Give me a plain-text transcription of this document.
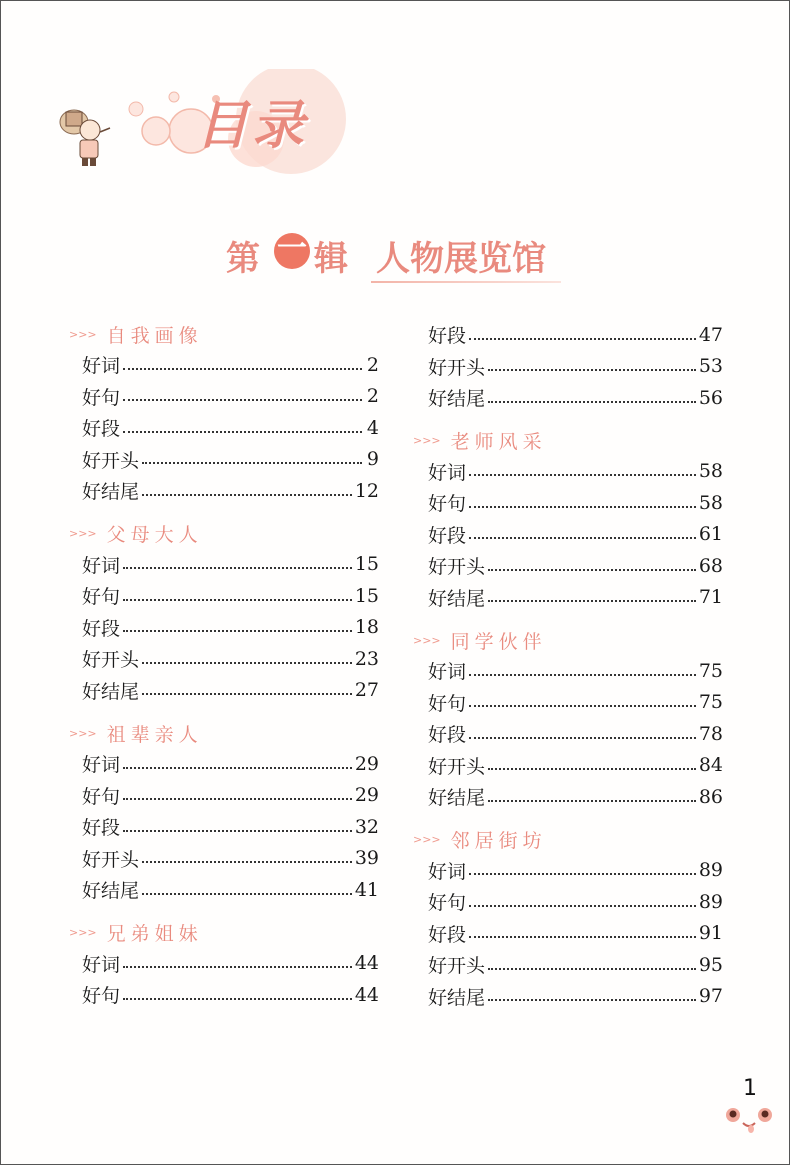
目录
第 一 辑 人物展览馆
>>> 自我画像
好词	2
好句	2
好段	4
好开头	9
好结尾	12
>>> 父母大人
好词	15
好句	15
好段	18
好开头	23
好结尾	27
>>> 祖辈亲人
好词	29
好句	29
好段	32
好开头	39
好结尾	41
>>> 兄弟姐妹
好词	44
好句	44
好段	47
好开头	53
好结尾	56
>>> 老师风采
好词	58
好句	58
好段	61
好开头	68
好结尾	71
>>> 同学伙伴
好词	75
好句	75
好段	78
好开头	84
好结尾	86
>>> 邻居街坊
好词	89
好句	89
好段	91
好开头	95
好结尾	97
1
